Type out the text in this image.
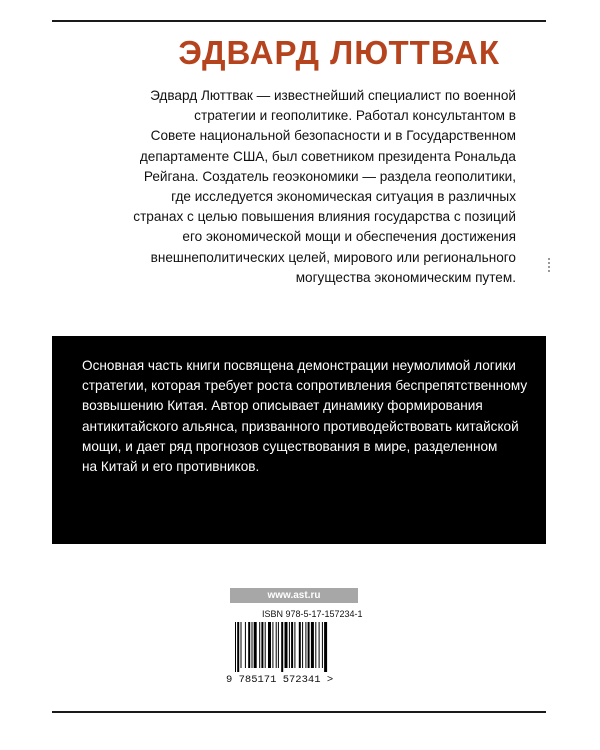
ЭДВАРД ЛЮТТВАК
Эдвард Люттвак — известнейший специалист по военной
стратегии и геополитике. Работал консультантом в
Совете национальной безопасности и в Государственном
департаменте США, был советником президента Рональда
Рейгана. Создатель геоэкономики — раздела геополитики,
где исследуется экономическая ситуация в различных
странах с целью повышения влияния государства с позиций
его экономической мощи и обеспечения достижения
внешнеполитических целей, мирового или регионального
могущества экономическим путем.
Основная часть книги посвящена демонстрации неумолимой логики
стратегии, которая требует роста сопротивления беспрепятственному
возвышению Китая. Автор описывает динамику формирования
антикитайского альянса, призванного противодействовать китайской
мощи, и дает ряд прогнозов существования в мире, разделенном
на Китай и его противников.
www.ast.ru
ISBN 978-5-17-157234-1
9 785171 572341 >
